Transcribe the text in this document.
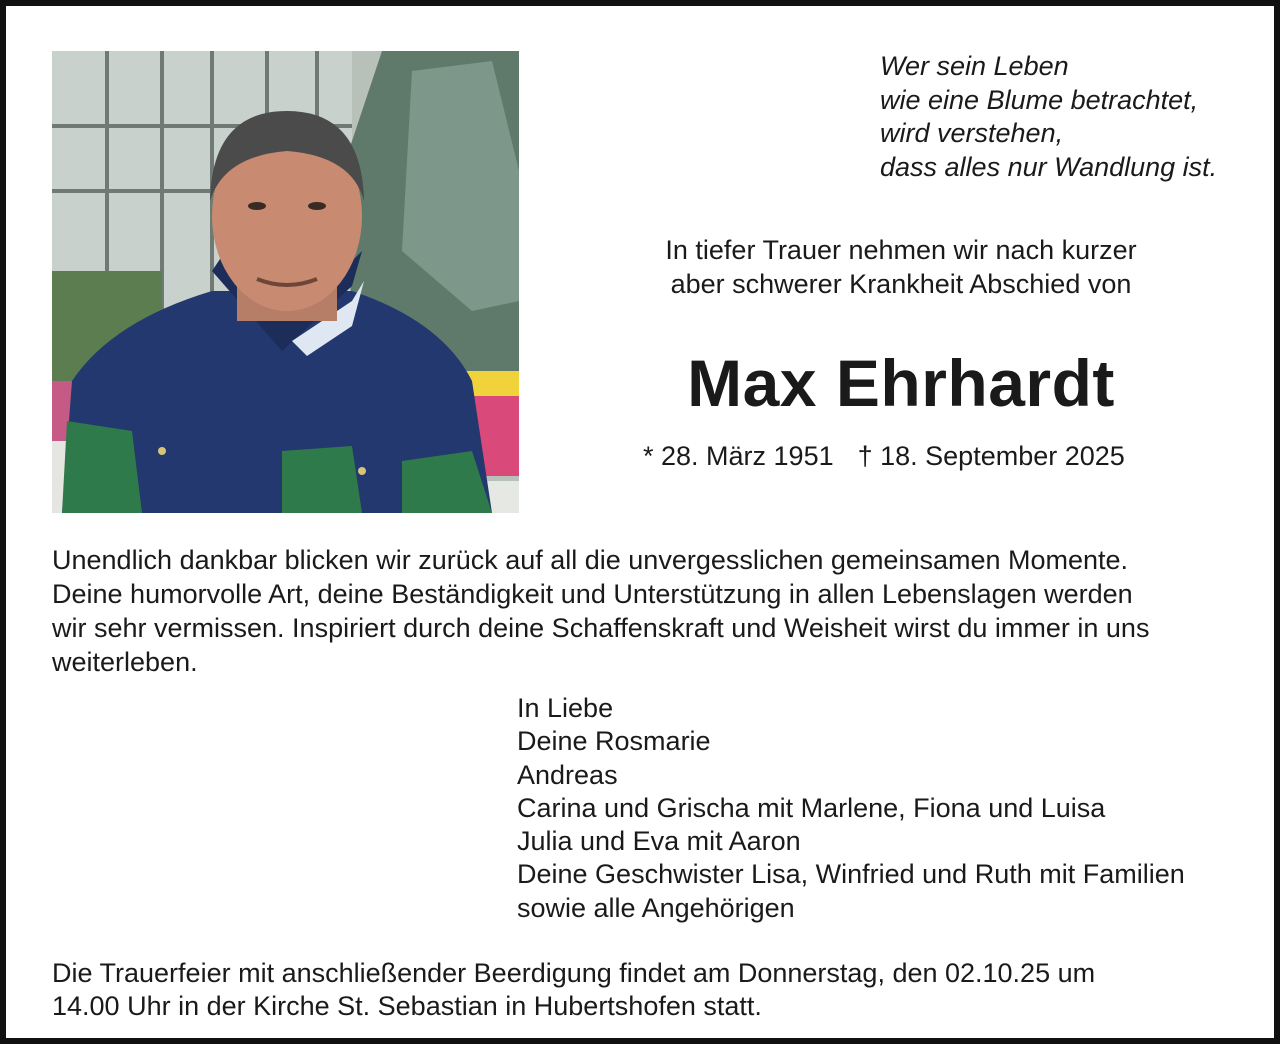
Wer sein Leben
wie eine Blume betrachtet,
wird verstehen,
dass alles nur Wandlung ist.
In tiefer Trauer nehmen wir nach kurzer
aber schwerer Krankheit Abschied von
Max Ehrhardt
* 28. März 1951 † 18. September 2025
Unendlich dankbar blicken wir zurück auf all die unvergesslichen gemeinsamen Momente.
Deine humorvolle Art, deine Beständigkeit und Unterstützung in allen Lebenslagen werden
wir sehr vermissen. Inspiriert durch deine Schaffenskraft und Weisheit wirst du immer in uns
weiterleben.
In Liebe
Deine Rosmarie
Andreas
Carina und Grischa mit Marlene, Fiona und Luisa
Julia und Eva mit Aaron
Deine Geschwister Lisa, Winfried und Ruth mit Familien
sowie alle Angehörigen
Die Trauerfeier mit anschließender Beerdigung findet am Donnerstag, den 02.10.25 um
14.00 Uhr in der Kirche St. Sebastian in Hubertshofen statt.
